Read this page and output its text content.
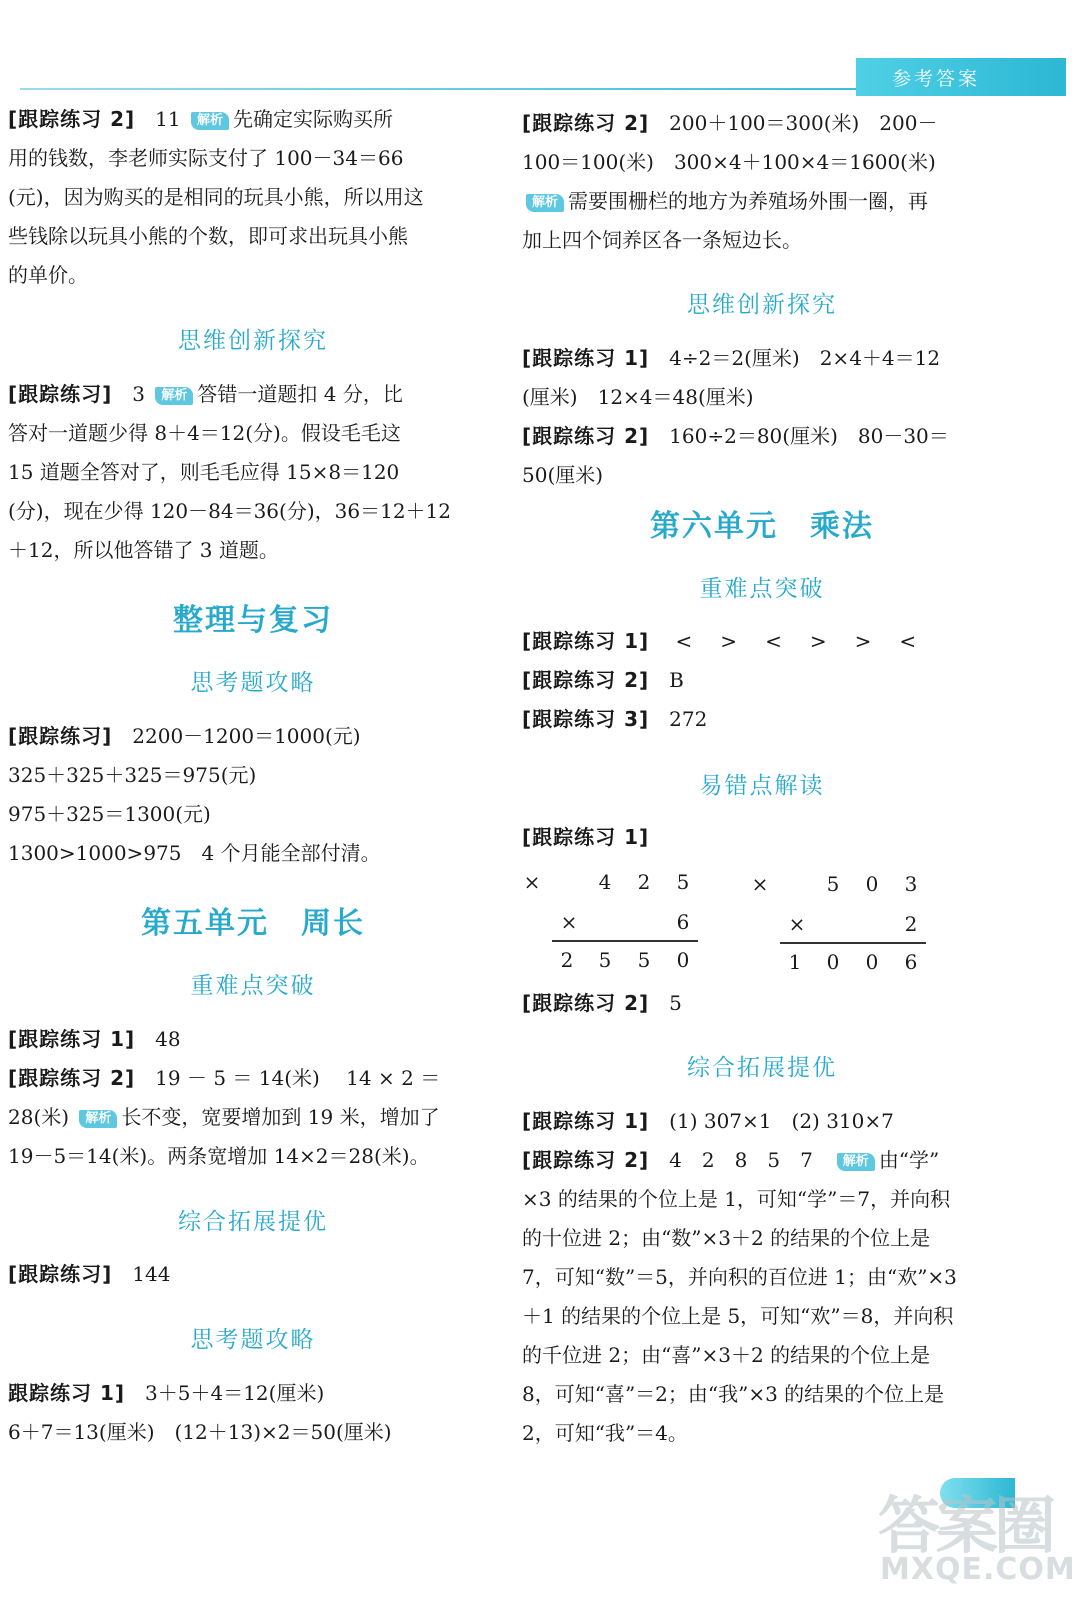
参考答案

[跟踪练习 2]　 11 解析 先确定实际购买所

用的钱数，李老师实际支付了 100－34＝66

(元)，因为购买的是相同的玩具小熊，所以用这

些钱除以玩具小熊的个数，即可求出玩具小熊

的单价。

思维创新探究

[跟踪练习]　 3 解析 答错一道题扣 4 分，比

答对一道题少得 8＋4＝12(分)。假设毛毛这

15 道题全答对了，则毛毛应得 15×8＝120

(分)，现在少得 120－84＝36(分)，36＝12＋12

＋12，所以他答错了 3 道题。

整理与复习
思考题攻略

[跟踪练习]　 2200－1200＝1000(元)

325＋325＋325＝975(元)

975＋325＝1300(元)

1300>1000>975　4 个月能全部付清。

第五单元　周长
重难点突破

[跟踪练习 1]　 48

[跟踪练习 2]　 19 － 5 ＝ 14(米)　 14 × 2 ＝

28(米) 解析 长不变，宽要增加到 19 米，增加了

19－5＝14(米)。两条宽增加 14×2＝28(米)。

综合拓展提优

[跟踪练习]　 144

思考题攻略

跟踪练习 1]　 3＋5＋4＝12(厘米)

6＋7＝13(厘米)　(12＋13)×2＝50(厘米)

[跟踪练习 2]　 200＋100＝300(米)　200－

100＝100(米)　300×4＋100×4＝1600(米)

解析 需要围栅栏的地方为养殖场外围一圈，再

加上四个饲养区各一条短边长。

思维创新探究

[跟踪练习 1]　 4÷2＝2(厘米)　2×4＋4＝12

(厘米)　12×4＝48(厘米)

[跟踪练习 2]　 160÷2＝80(厘米)　80－30＝

50(厘米)

第六单元　乘法
重难点突破

[跟踪练习 1]　 < > < > > <

[跟踪练习 2]　 B

[跟踪练习 3]　 272

易错点解读

[跟踪练习 1]

×	4 2 5
×	6
2 5 5 0
×	5 0 3
×	2
1 0 0 6

[跟踪练习 2]　 5

综合拓展提优

[跟踪练习 1]　 (1) 307×1　(2) 310×7

[跟踪练习 2]　 4　2　8　5　7　 解析 由“学”

×3 的结果的个位上是 1，可知“学”＝7，并向积

的十位进 2；由“数”×3＋2 的结果的个位上是

7，可知“数”＝5，并向积的百位进 1；由“欢”×3

＋1 的结果的个位上是 5，可知“欢”＝8，并向积

的千位进 2；由“喜”×3＋2 的结果的个位上是

8，可知“喜”＝2；由“我”×3 的结果的个位上是

2，可知“我”＝4。

答案圈
MXQE.COM
